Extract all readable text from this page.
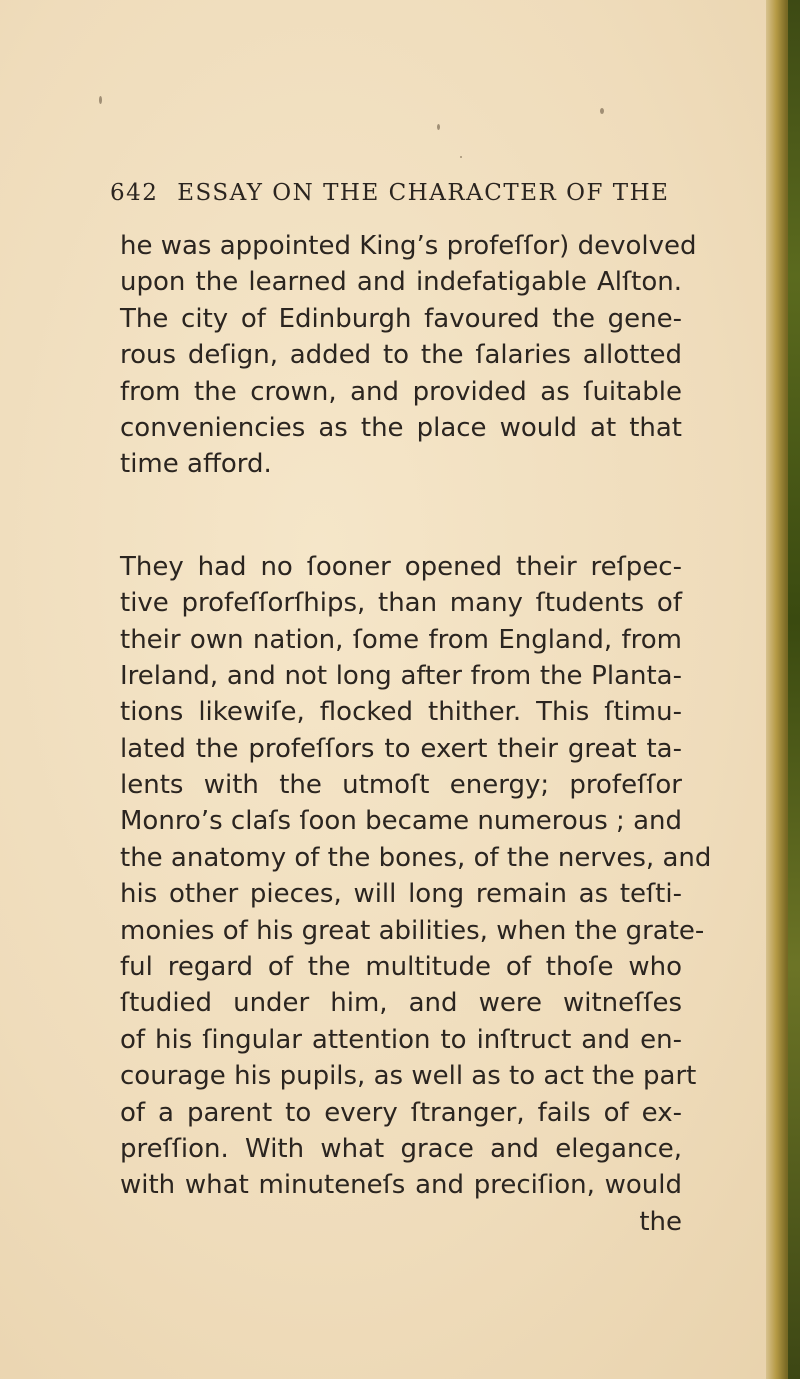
642 ESSAY ON THE CHARACTER OF THE
he was appointed King’s profeſſor) devolved
upon the learned and indefatigable Alſton.
The city of Edinburgh favoured the gene-
rous deſign, added to the ſalaries allotted
from the crown, and provided as ſuitable
conveniencies as the place would at that
time afford.
They had no ſooner opened their reſpec-
tive profeſſorſhips, than many ſtudents of
their own nation, ſome from England, from
Ireland, and not long after from the Planta-
tions likewiſe, flocked thither. This ſtimu-
lated the profeſſors to exert their great ta-
lents with the utmoſt energy; profeſſor
Monro’s claſs ſoon became numerous ; and
the anatomy of the bones, of the nerves, and
his other pieces, will long remain as teſti-
monies of his great abilities, when the grate-
ful regard of the multitude of thoſe who
ſtudied under him, and were witneſſes
of his ſingular attention to inſtruct and en-
courage his pupils, as well as to act the part
of a parent to every ſtranger, fails of ex-
preſſion. With what grace and elegance,
with what minuteneſs and preciſion, would
the
